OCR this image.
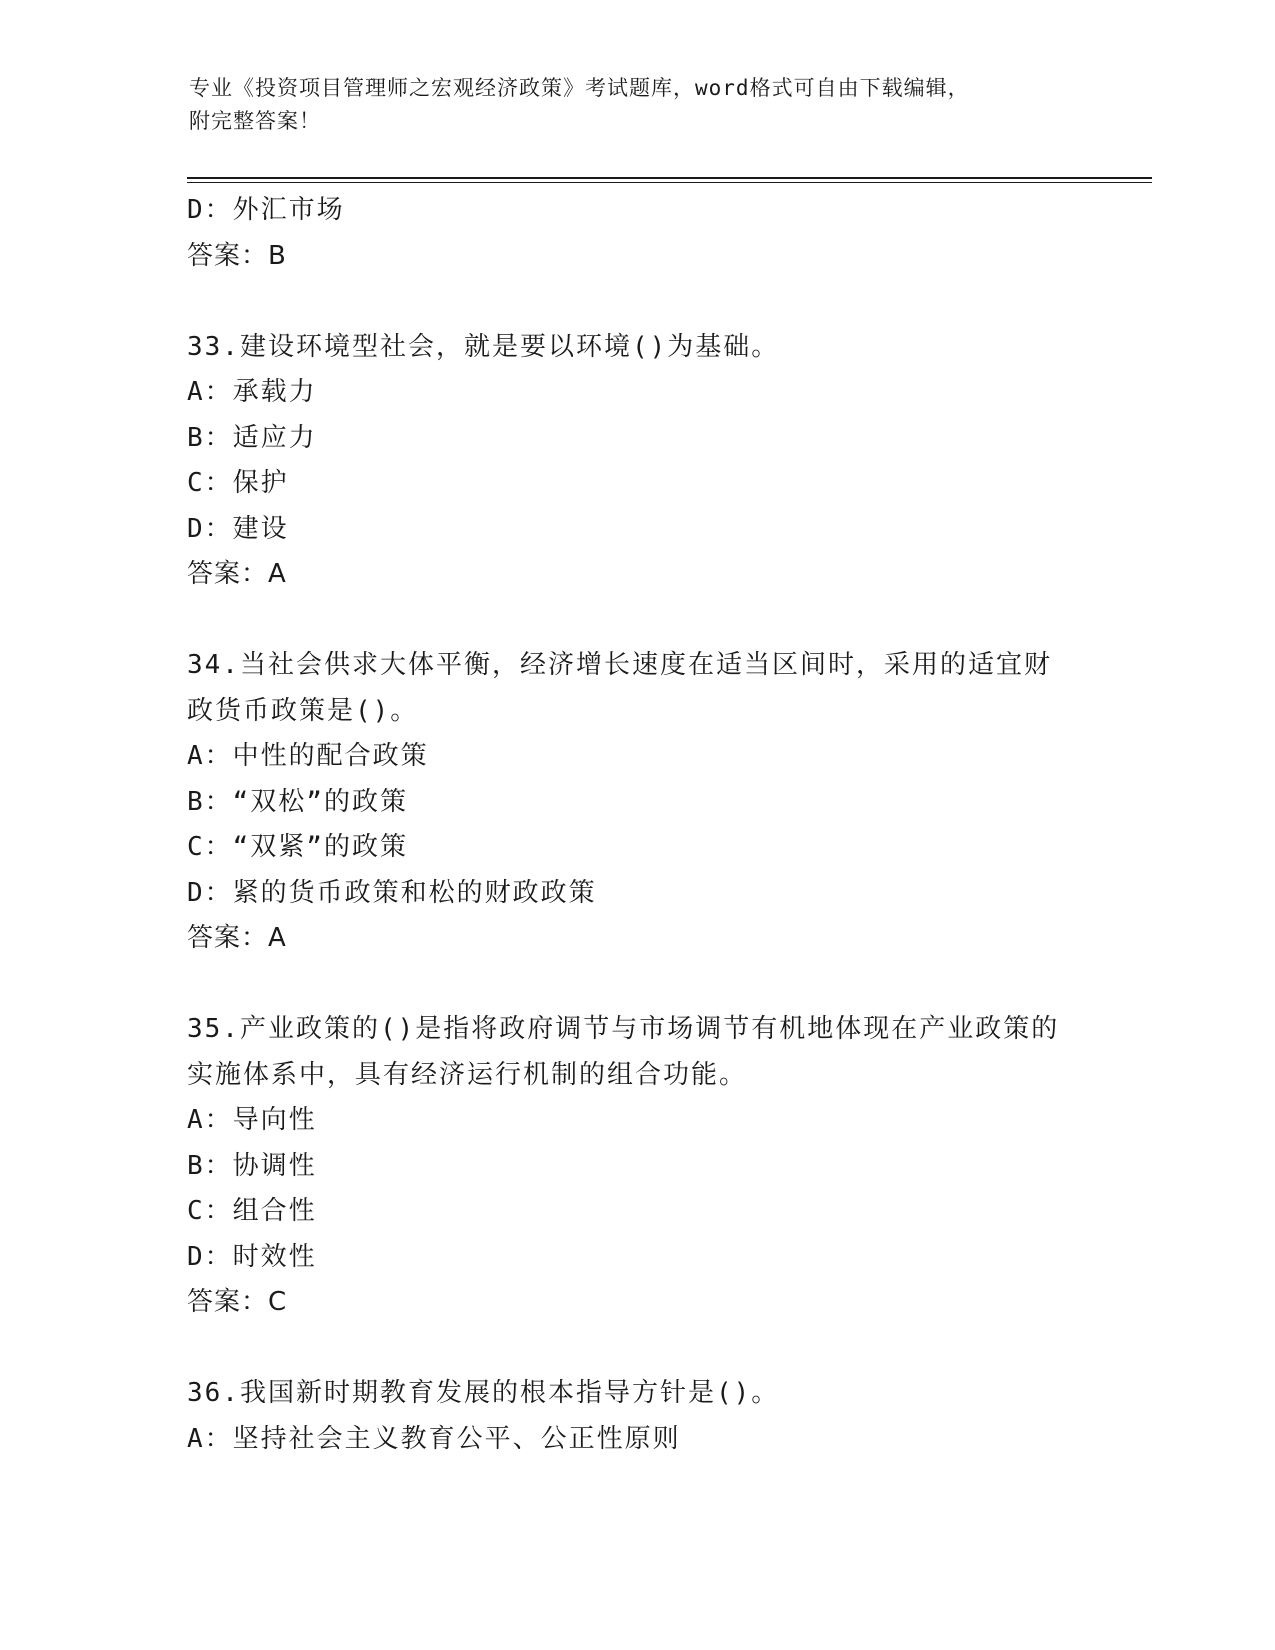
专业《投资项目管理师之宏观经济政策》考试题库，word格式可自由下载编辑，
附完整答案！
D：外汇市场
答案：B
33.建设环境型社会，就是要以环境()为基础。
A：承载力
B：适应力
C：保护
D：建设
答案：A
34.当社会供求大体平衡，经济增长速度在适当区间时，采用的适宜财
政货币政策是()。
A：中性的配合政策
B：“双松”的政策
C：“双紧”的政策
D：紧的货币政策和松的财政政策
答案：A
35.产业政策的()是指将政府调节与市场调节有机地体现在产业政策的
实施体系中，具有经济运行机制的组合功能。
A：导向性
B：协调性
C：组合性
D：时效性
答案：C
36.我国新时期教育发展的根本指导方针是()。
A：坚持社会主义教育公平、公正性原则
